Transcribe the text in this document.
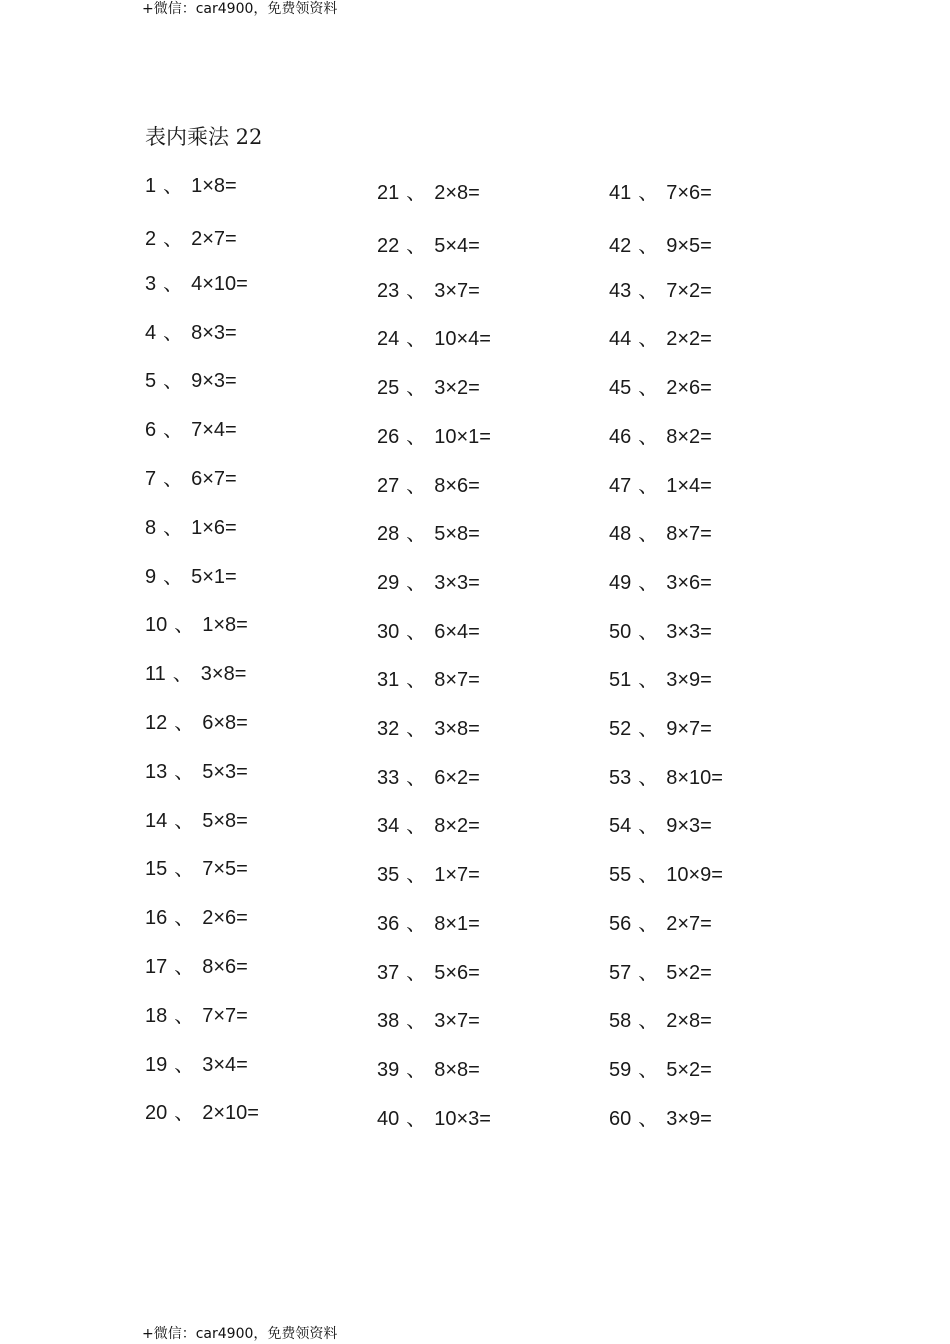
+微信：car4900，免费领资料
表内乘法 22
1 、 1×8=
2 、 2×7=
3 、 4×10=
4 、 8×3=
5 、 9×3=
6 、 7×4=
7 、 6×7=
8 、 1×6=
9 、 5×1=
10 、 1×8=
11 、 3×8=
12 、 6×8=
13 、 5×3=
14 、 5×8=
15 、 7×5=
16 、 2×6=
17 、 8×6=
18 、 7×7=
19 、 3×4=
20 、 2×10=
21 、 2×8=
22 、 5×4=
23 、 3×7=
24 、 10×4=
25 、 3×2=
26 、 10×1=
27 、 8×6=
28 、 5×8=
29 、 3×3=
30 、 6×4=
31 、 8×7=
32 、 3×8=
33 、 6×2=
34 、 8×2=
35 、 1×7=
36 、 8×1=
37 、 5×6=
38 、 3×7=
39 、 8×8=
40 、 10×3=
41 、 7×6=
42 、 9×5=
43 、 7×2=
44 、 2×2=
45 、 2×6=
46 、 8×2=
47 、 1×4=
48 、 8×7=
49 、 3×6=
50 、 3×3=
51 、 3×9=
52 、 9×7=
53 、 8×10=
54 、 9×3=
55 、 10×9=
56 、 2×7=
57 、 5×2=
58 、 2×8=
59 、 5×2=
60 、 3×9=
+微信：car4900，免费领资料
